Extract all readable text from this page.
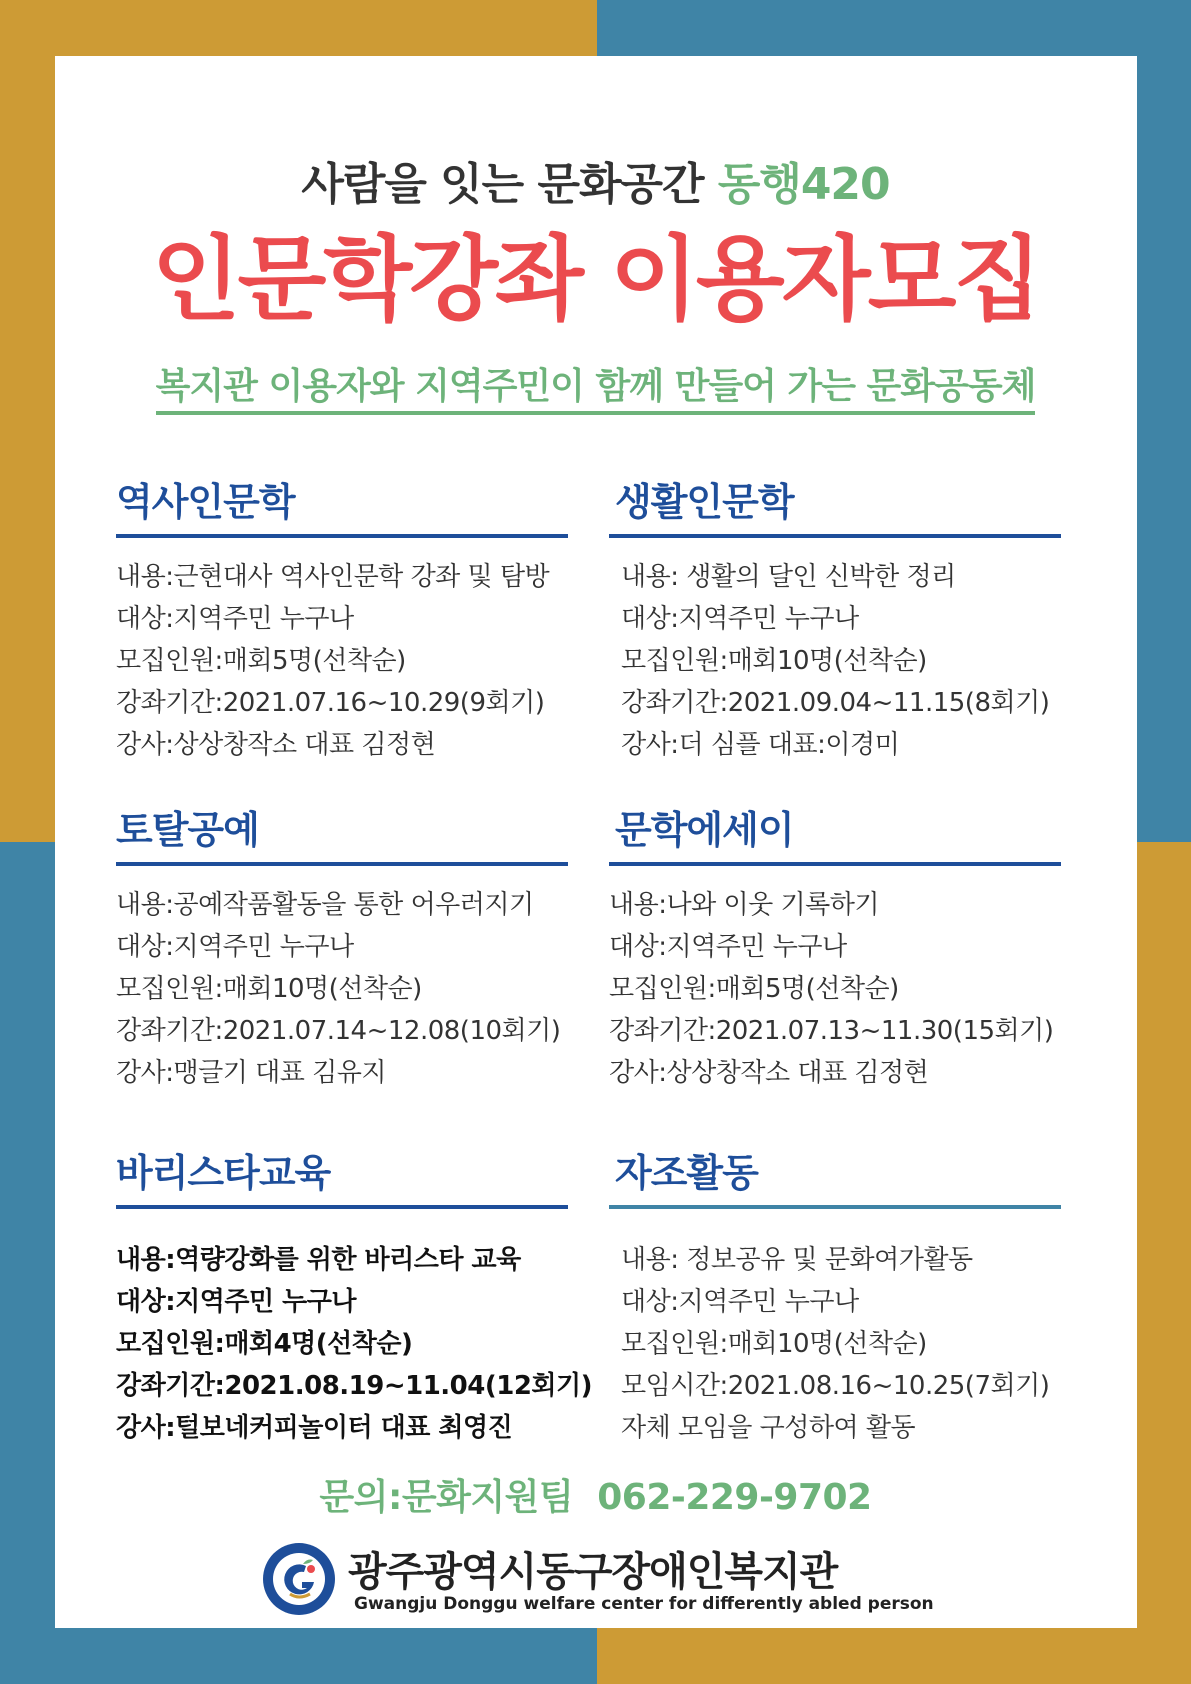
사람을 잇는 문화공간 동행420
인문학강좌 이용자모집
복지관 이용자와 지역주민이 함께 만들어 가는 문화공동체
역사인문학
내용:근현대사 역사인문학 강좌 및 탐방
대상:지역주민 누구나
모집인원:매회5명(선착순)
강좌기간:2021.07.16~10.29(9회기)
강사:상상창작소 대표 김정현
생활인문학
내용: 생활의 달인 신박한 정리
대상:지역주민 누구나
모집인원:매회10명(선착순)
강좌기간:2021.09.04~11.15(8회기)
강사:더 심플 대표:이경미
토탈공예
내용:공예작품활동을 통한 어우러지기
대상:지역주민 누구나
모집인원:매회10명(선착순)
강좌기간:2021.07.14~12.08(10회기)
강사:맹글기 대표 김유지
문학에세이
내용:나와 이웃 기록하기
대상:지역주민 누구나
모집인원:매회5명(선착순)
강좌기간:2021.07.13~11.30(15회기)
강사:상상창작소 대표 김정현
바리스타교육
내용:역량강화를 위한 바리스타 교육
대상:지역주민 누구나
모집인원:매회4명(선착순)
강좌기간:2021.08.19~11.04(12회기)
강사:털보네커피놀이터 대표 최영진
자조활동
내용: 정보공유 및 문화여가활동
대상:지역주민 누구나
모집인원:매회10명(선착순)
모임시간:2021.08.16~10.25(7회기)
자체 모임을 구성하여 활동
문의:문화지원팀 062-229-9702
광주광역시동구장애인복지관
Gwangju Donggu welfare center for differently abled person
